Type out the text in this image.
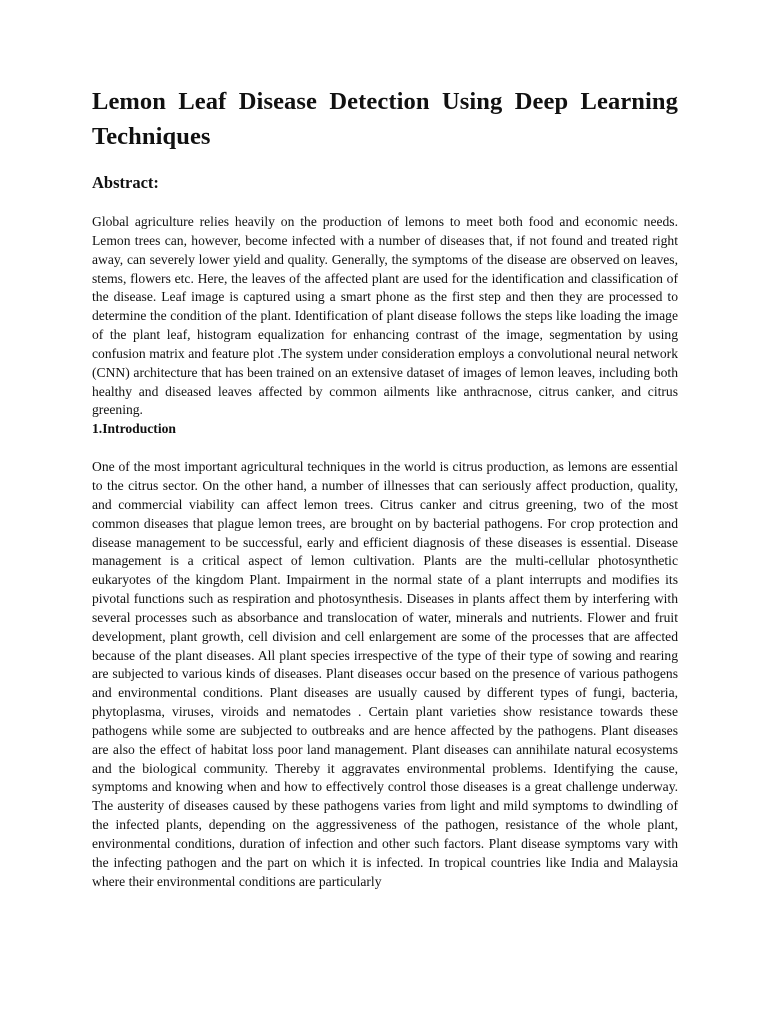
Lemon Leaf Disease Detection Using Deep Learning Techniques
Abstract:

Global agriculture relies heavily on the production of lemons to meet both food and economic needs. Lemon trees can, however, become infected with a number of diseases that, if not found and treated right away, can severely lower yield and quality. Generally, the symptoms of the disease are observed on leaves, stems, flowers etc. Here, the leaves of the affected plant are used for the identification and classification of the disease. Leaf image is captured using a smart phone as the first step and then they are processed to determine the condition of the plant. Identification of plant disease follows the steps like loading the image of the plant leaf, histogram equalization for enhancing contrast of the image, segmentation by using confusion matrix and feature plot .The system under consideration employs a convolutional neural network (CNN) architecture that has been trained on an extensive dataset of images of lemon leaves, including both healthy and diseased leaves affected by common ailments like anthracnose, citrus canker, and citrus greening.

1.Introduction

One of the most important agricultural techniques in the world is citrus production, as lemons are essential to the citrus sector. On the other hand, a number of illnesses that can seriously affect production, quality, and commercial viability can affect lemon trees. Citrus canker and citrus greening, two of the most common diseases that plague lemon trees, are brought on by bacterial pathogens. For crop protection and disease management to be successful, early and efficient diagnosis of these diseases is essential. Disease management is a critical aspect of lemon cultivation. Plants are the multi-cellular photosynthetic eukaryotes of the kingdom Plant. Impairment in the normal state of a plant interrupts and modifies its pivotal functions such as respiration and photosynthesis. Diseases in plants affect them by interfering with several processes such as absorbance and translocation of water, minerals and nutrients. Flower and fruit development, plant growth, cell division and cell enlargement are some of the processes that are affected because of the plant diseases. All plant species irrespective of the type of their type of sowing and rearing are subjected to various kinds of diseases. Plant diseases occur based on the presence of various pathogens and environmental conditions. Plant diseases are usually caused by different types of fungi, bacteria, phytoplasma, viruses, viroids and nematodes . Certain plant varieties show resistance towards these pathogens while some are subjected to outbreaks and are hence affected by the pathogens. Plant diseases are also the effect of habitat loss poor land management. Plant diseases can annihilate natural ecosystems and the biological community. Thereby it aggravates environmental problems. Identifying the cause, symptoms and knowing when and how to effectively control those diseases is a great challenge underway. The austerity of diseases caused by these pathogens varies from light and mild symptoms to dwindling of the infected plants, depending on the aggressiveness of the pathogen, resistance of the whole plant, environmental conditions, duration of infection and other such factors. Plant disease symptoms vary with the infecting pathogen and the part on which it is infected. In tropical countries like India and Malaysia where their environmental conditions are particularly
